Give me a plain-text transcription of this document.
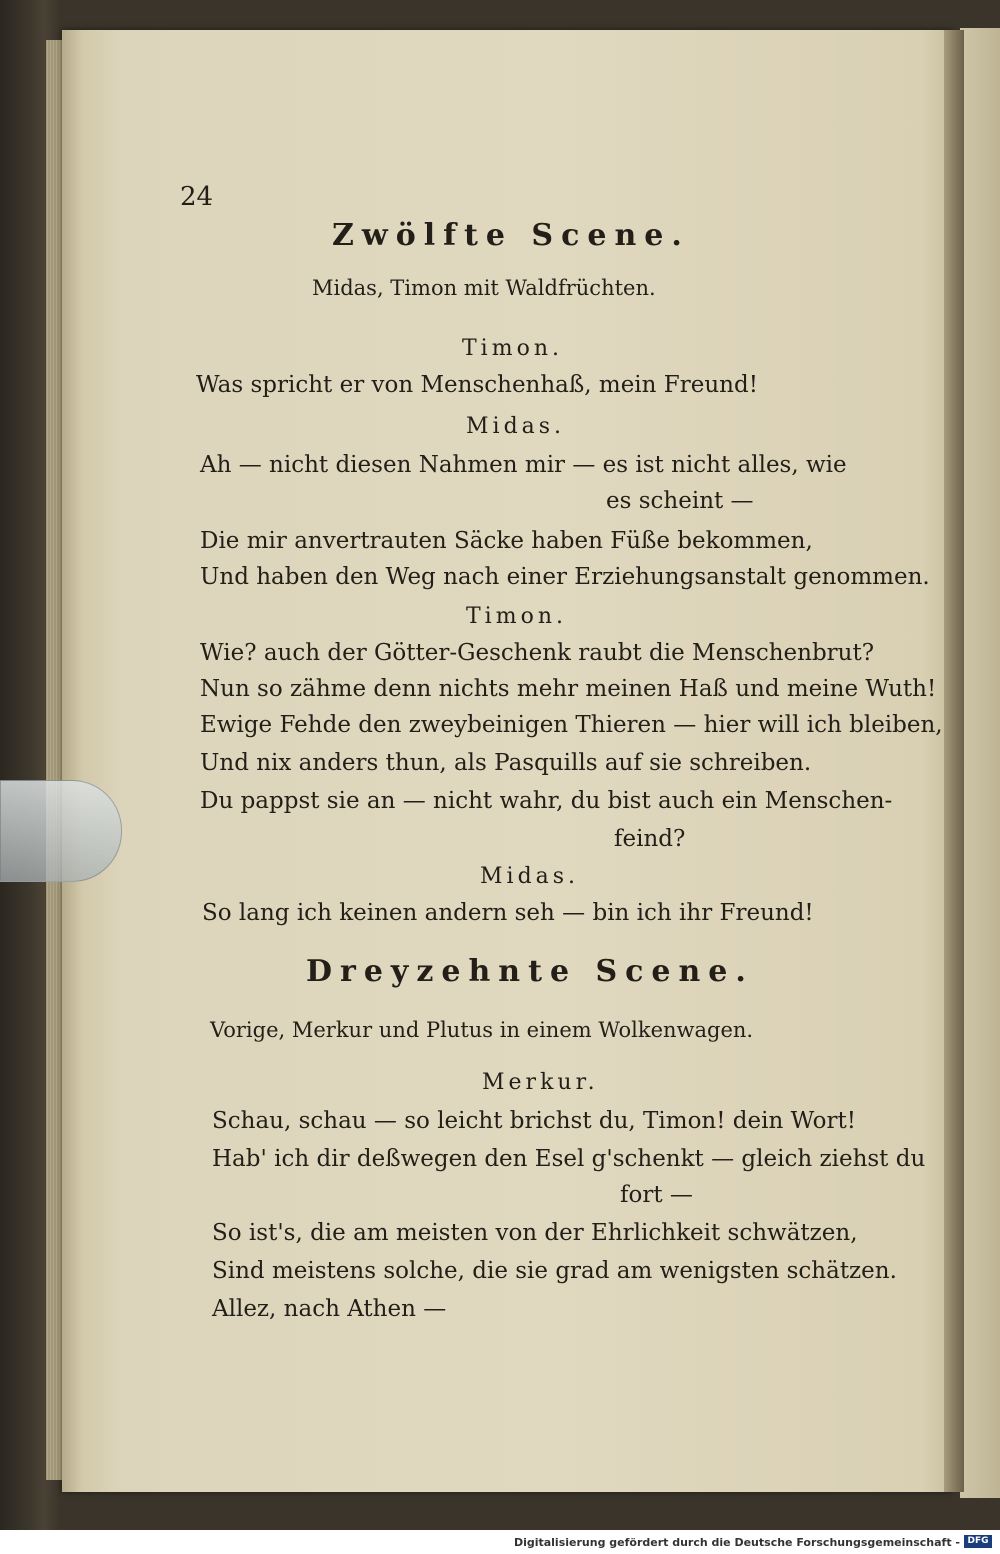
24
Zwölfte Scene.
Midas, Timon mit Waldfrüchten.
Timon.
Was spricht er von Menschenhaß, mein Freund!
Midas.
Ah — nicht diesen Nahmen mir — es ist nicht alles, wie
es scheint —
Die mir anvertrauten Säcke haben Füße bekommen,
Und haben den Weg nach einer Erziehungsanstalt genommen.
Timon.
Wie? auch der Götter-Geschenk raubt die Menschenbrut?
Nun so zähme denn nichts mehr meinen Haß und meine Wuth!
Ewige Fehde den zweybeinigen Thieren — hier will ich bleiben,
Und nix anders thun, als Pasquills auf sie schreiben.
Du pappst sie an — nicht wahr, du bist auch ein Menschen-
feind?
Midas.
So lang ich keinen andern seh — bin ich ihr Freund!
Dreyzehnte Scene.
Vorige, Merkur und Plutus in einem Wolkenwagen.
Merkur.
Schau, schau — so leicht brichst du, Timon! dein Wort!
Hab' ich dir deßwegen den Esel g'schenkt — gleich ziehst du
fort —
So ist's, die am meisten von der Ehrlichkeit schwätzen,
Sind meistens solche, die sie grad am wenigsten schätzen.
Allez, nach Athen —
Digitalisierung gefördert durch die Deutsche Forschungsgemeinschaft - DFG
